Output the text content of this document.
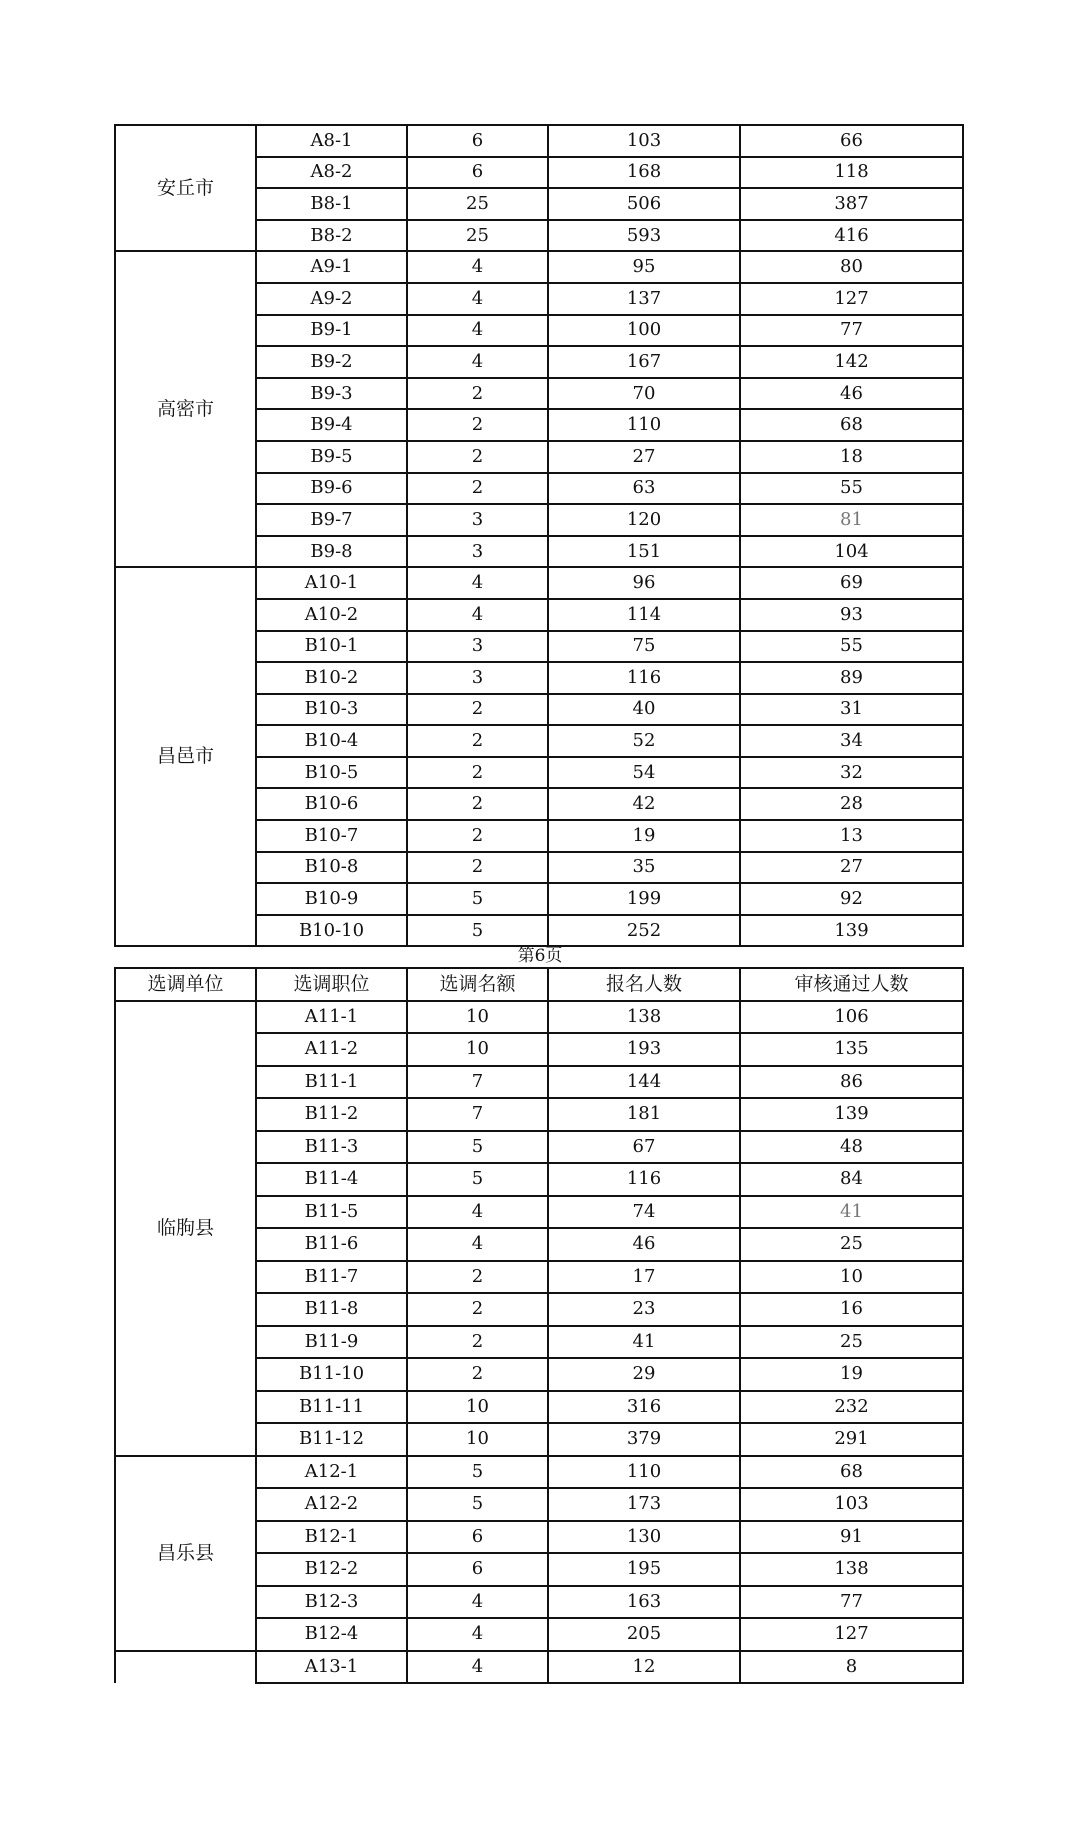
安丘市	A8-1	6	103	66
	A8-2	6	168	118
	B8-1	25	506	387
	B8-2	25	593	416
高密市	A9-1	4	95	80
	A9-2	4	137	127
	B9-1	4	100	77
	B9-2	4	167	142
	B9-3	2	70	46
	B9-4	2	110	68
	B9-5	2	27	18
	B9-6	2	63	55
	B9-7	3	120	81
	B9-8	3	151	104
昌邑市	A10-1	4	96	69
	A10-2	4	114	93
	B10-1	3	75	55
	B10-2	3	116	89
	B10-3	2	40	31
	B10-4	2	52	34
	B10-5	2	54	32
	B10-6	2	42	28
	B10-7	2	19	13
	B10-8	2	35	27
	B10-9	5	199	92
	B10-10	5	252	139
第6页
选调单位	选调职位	选调名额	报名人数	审核通过人数
临朐县	A11-1	10	138	106
	A11-2	10	193	135
	B11-1	7	144	86
	B11-2	7	181	139
	B11-3	5	67	48
	B11-4	5	116	84
	B11-5	4	74	41
	B11-6	4	46	25
	B11-7	2	17	10
	B11-8	2	23	16
	B11-9	2	41	25
	B11-10	2	29	19
	B11-11	10	316	232
	B11-12	10	379	291
昌乐县	A12-1	5	110	68
	A12-2	5	173	103
	B12-1	6	130	91
	B12-2	6	195	138
	B12-3	4	163	77
	B12-4	4	205	127
	A13-1	4	12	8
